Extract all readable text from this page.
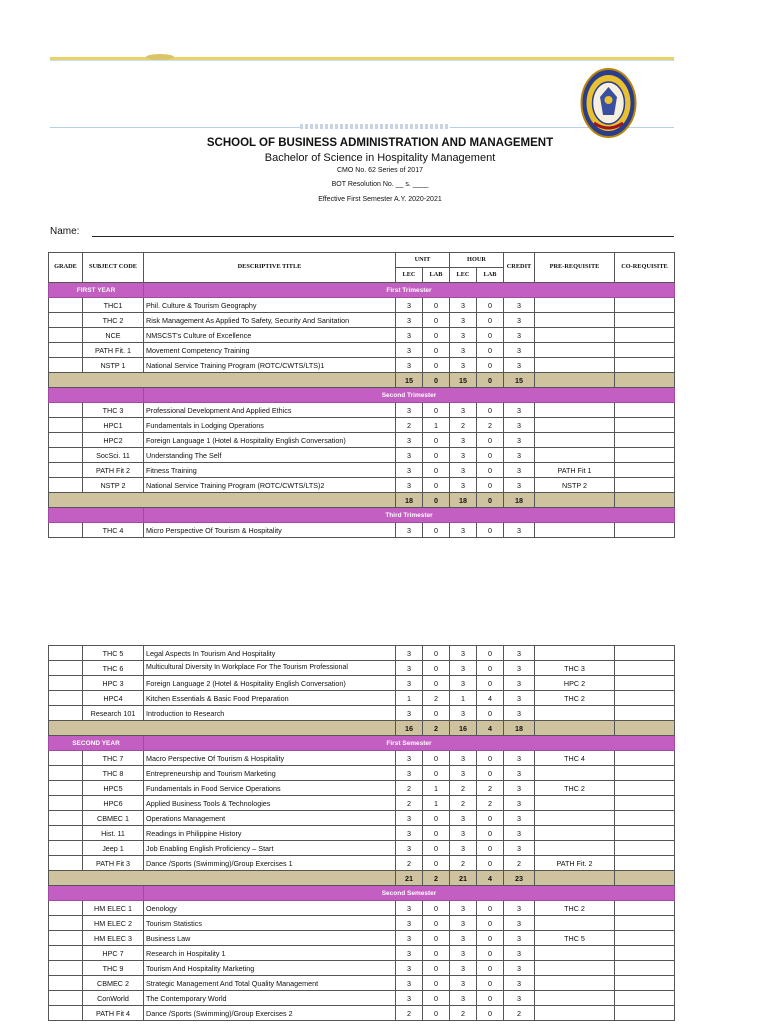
SCHOOL OF BUSINESS ADMINISTRATION AND MANAGEMENT
Bachelor of Science in Hospitality Management
CMO No. 62 Series of 2017
BOT Resolution No. __ s. ____
Effective First Semester A.Y. 2020-2021
Name:
GRADE	SUBJECT CODE	DESCRIPTIVE TITLE	UNIT		HOUR		CREDIT	PRE-REQUISITE	CO-REQUISITE
			LEC	LAB	LEC	LAB			
FIRST YEAR		First Trimester							
	THC1	Phil. Culture & Tourism Geography	3	0	3	0	3		
	THC 2	Risk Management As Applied To Safety, Security And Sanitation	3	0	3	0	3		
	NCE	NMSCST's Culture of Excellence	3	0	3	0	3		
	PATH Fit. 1	Movement Competency Training	3	0	3	0	3		
	NSTP 1	National Service Training Program (ROTC/CWTS/LTS)1	3	0	3	0	3		
			15	0	15	0	15		
		Second Trimester							
	THC 3	Professional Development And Applied Ethics	3	0	3	0	3		
	HPC1	Fundamentals in Lodging Operations	2	1	2	2	3		
	HPC2	Foreign Language 1 (Hotel & Hospitality English Conversation)	3	0	3	0	3		
	SocSci. 11	Understanding The Self	3	0	3	0	3		
	PATH Fit 2	Fitness Training	3	0	3	0	3	PATH Fit 1	
	NSTP 2	National Service Training Program (ROTC/CWTS/LTS)2	3	0	3	0	3	NSTP 2	
			18	0	18	0	18		
		Third Trimester							
	THC 4	Micro Perspective Of Tourism & Hospitality	3	0	3	0	3		
	THC 5	Legal Aspects In Tourism And Hospitality	3	0	3	0	3		
	THC 6	Multicultural Diversity In Workplace For The Tourism Professional	3	0	3	0	3	THC 3	
	HPC 3	Foreign Language 2 (Hotel & Hospitality English Conversation)	3	0	3	0	3	HPC 2	
	HPC4	Kitchen Essentials & Basic Food Preparation	1	2	1	4	3	THC 2	
	Research 101	Introduction to Research	3	0	3	0	3		
			16	2	16	4	18		
SECOND YEAR		First Semester							
	THC 7	Macro Perspective Of Tourism & Hospitality	3	0	3	0	3	THC 4	
	THC 8	Entrepreneurship and Tourism Marketing	3	0	3	0	3		
	HPC5	Fundamentals in Food Service Operations	2	1	2	2	3	THC 2	
	HPC6	Applied Business Tools & Technologies	2	1	2	2	3		
	CBMEC 1	Operations Management	3	0	3	0	3		
	Hist. 11	Readings in Philippine History	3	0	3	0	3		
	Jeep 1	Job Enabling English Proficiency – Start	3	0	3	0	3		
	PATH Fit 3	Dance /Sports (Swimming)/Group Exercises 1	2	0	2	0	2	PATH Fit. 2	
			21	2	21	4	23		
		Second Semester							
	HM ELEC 1	Oenology	3	0	3	0	3	THC 2	
	HM ELEC 2	Tourism Statistics	3	0	3	0	3		
	HM ELEC 3	Business Law	3	0	3	0	3	THC 5	
	HPC 7	Research in Hospitality 1	3	0	3	0	3		
	THC 9	Tourism And Hospitality Marketing	3	0	3	0	3		
	CBMEC 2	Strategic Management And Total Quality Management	3	0	3	0	3		
	ConWorld	The Contemporary World	3	0	3	0	3		
	PATH Fit 4	Dance /Sports (Swimming)/Group Exercises 2	2	0	2	0	2		
